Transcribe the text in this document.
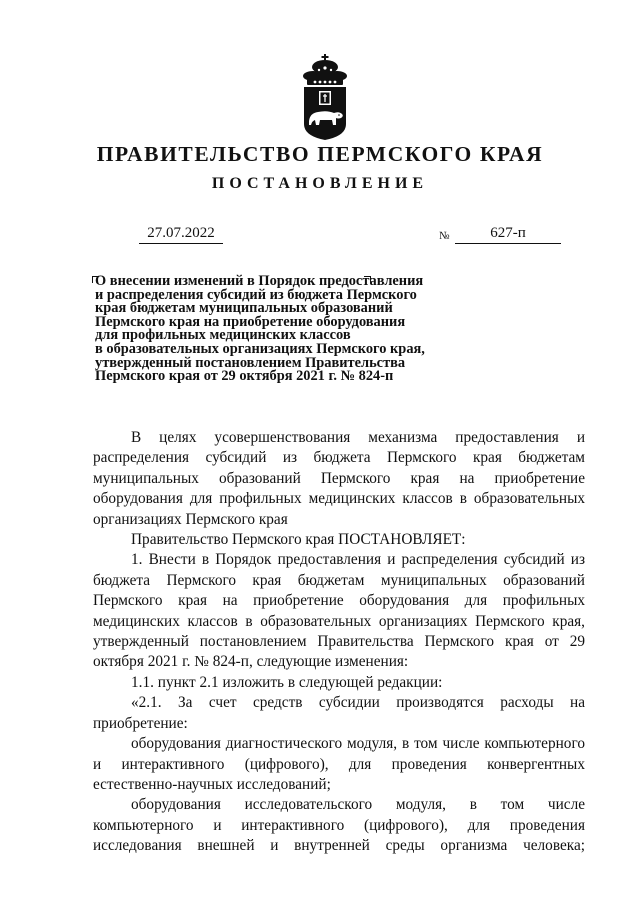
ПРАВИТЕЛЬСТВО ПЕРМСКОГО КРАЯ
ПОСТАНОВЛЕНИЕ
27.07.2022	№	627-п
О внесении изменений в Порядок предоставления
и распределения субсидий из бюджета Пермского
края бюджетам муниципальных образований
Пермского края на приобретение оборудования
для профильных медицинских классов
в образовательных организациях Пермского края,
утвержденный постановлением Правительства
Пермского края от 29 октября 2021 г. № 824-п

В целях усовершенствования механизма предоставления и распределения субсидий из бюджета Пермского края бюджетам муниципальных образований Пермского края на приобретение оборудования для профильных медицинских классов в образовательных организациях Пермского края

Правительство Пермского края ПОСТАНОВЛЯЕТ:

1. Внести в Порядок предоставления и распределения субсидий из бюджета Пермского края бюджетам муниципальных образований Пермского края на приобретение оборудования для профильных медицинских классов в образовательных организациях Пермского края, утвержденный постановлением Правительства Пермского края от 29 октября 2021 г. № 824-п, следующие изменения:

1.1. пункт 2.1 изложить в следующей редакции:

«2.1. За счет средств субсидии производятся расходы на приобретение:

оборудования диагностического модуля, в том числе компьютерного и интерактивного (цифрового), для проведения конвергентных естественно-научных исследований;

оборудования исследовательского модуля, в том числе компьютерного и интерактивного (цифрового), для проведения исследования внешней и внутренней среды организма человека;
